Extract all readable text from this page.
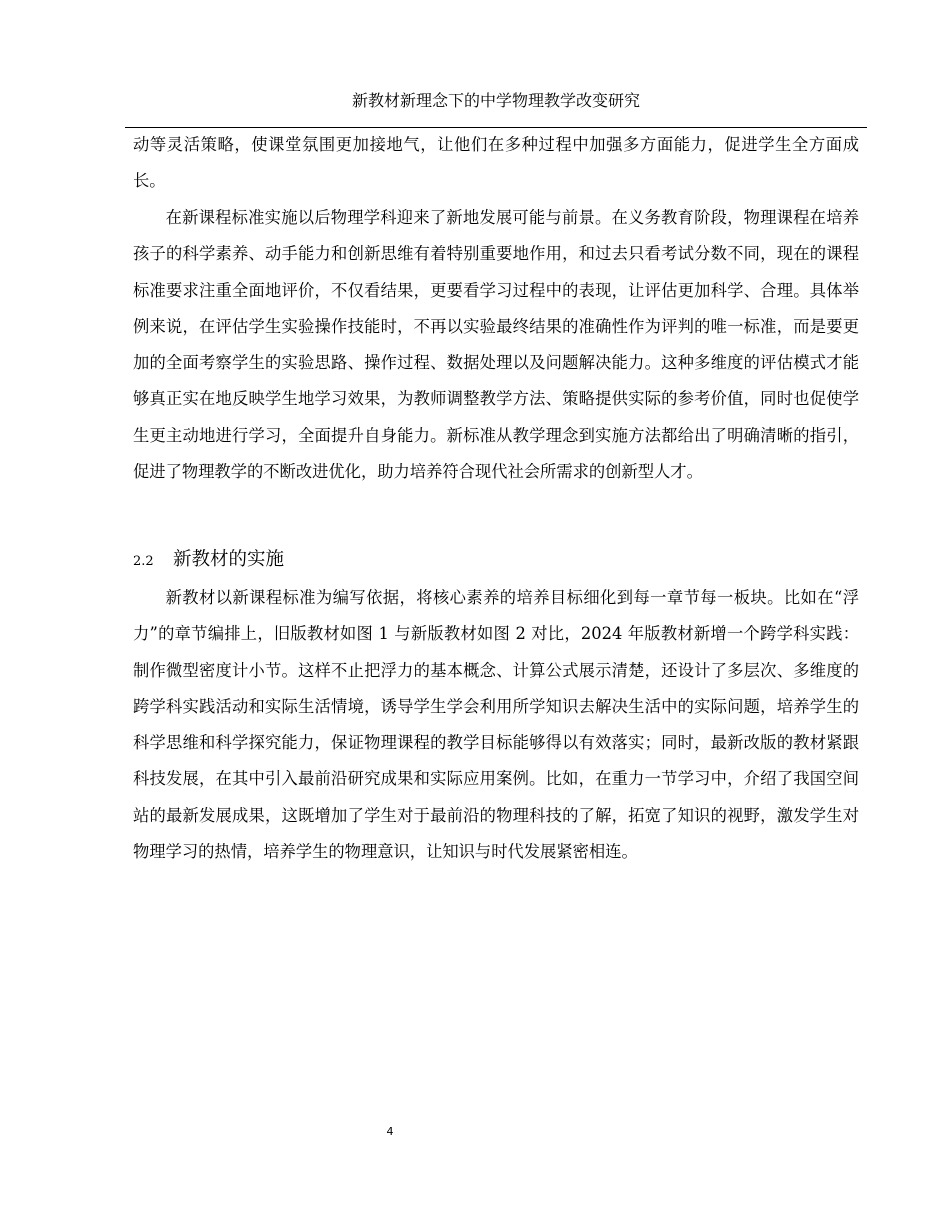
新教材新理念下的中学物理教学改变研究
动等灵活策略，使课堂氛围更加接地气，让他们在多种过程中加强多方面能力，促进学生全方面成长。
在新课程标准实施以后物理学科迎来了新地发展可能与前景。在义务教育阶段，物理课程在培养孩子的科学素养、动手能力和创新思维有着特别重要地作用，和过去只看考试分数不同，现在的课程标准要求注重全面地评价，不仅看结果，更要看学习过程中的表现，让评估更加科学、合理。具体举例来说，在评估学生实验操作技能时，不再以实验最终结果的准确性作为评判的唯一标准，而是要更加的全面考察学生的实验思路、操作过程、数据处理以及问题解决能力。这种多维度的评估模式才能够真正实在地反映学生地学习效果，为教师调整教学方法、策略提供实际的参考价值，同时也促使学生更主动地进行学习，全面提升自身能力。新标准从教学理念到实施方法都给出了明确清晰的指引，促进了物理教学的不断改进优化，助力培养符合现代社会所需求的创新型人才。
2.2 新教材的实施
新教材以新课程标准为编写依据，将核心素养的培养目标细化到每一章节每一板块。比如在“浮力”的章节编排上，旧版教材如图 1 与新版教材如图 2 对比，2024 年版教材新增一个跨学科实践：制作微型密度计小节。这样不止把浮力的基本概念、计算公式展示清楚，还设计了多层次、多维度的跨学科实践活动和实际生活情境，诱导学生学会利用所学知识去解决生活中的实际问题，培养学生的科学思维和科学探究能力，保证物理课程的教学目标能够得以有效落实；同时，最新改版的教材紧跟科技发展，在其中引入最前沿研究成果和实际应用案例。比如，在重力一节学习中，介绍了我国空间站的最新发展成果，这既增加了学生对于最前沿的物理科技的了解，拓宽了知识的视野，激发学生对物理学习的热情，培养学生的物理意识，让知识与时代发展紧密相连。
4
